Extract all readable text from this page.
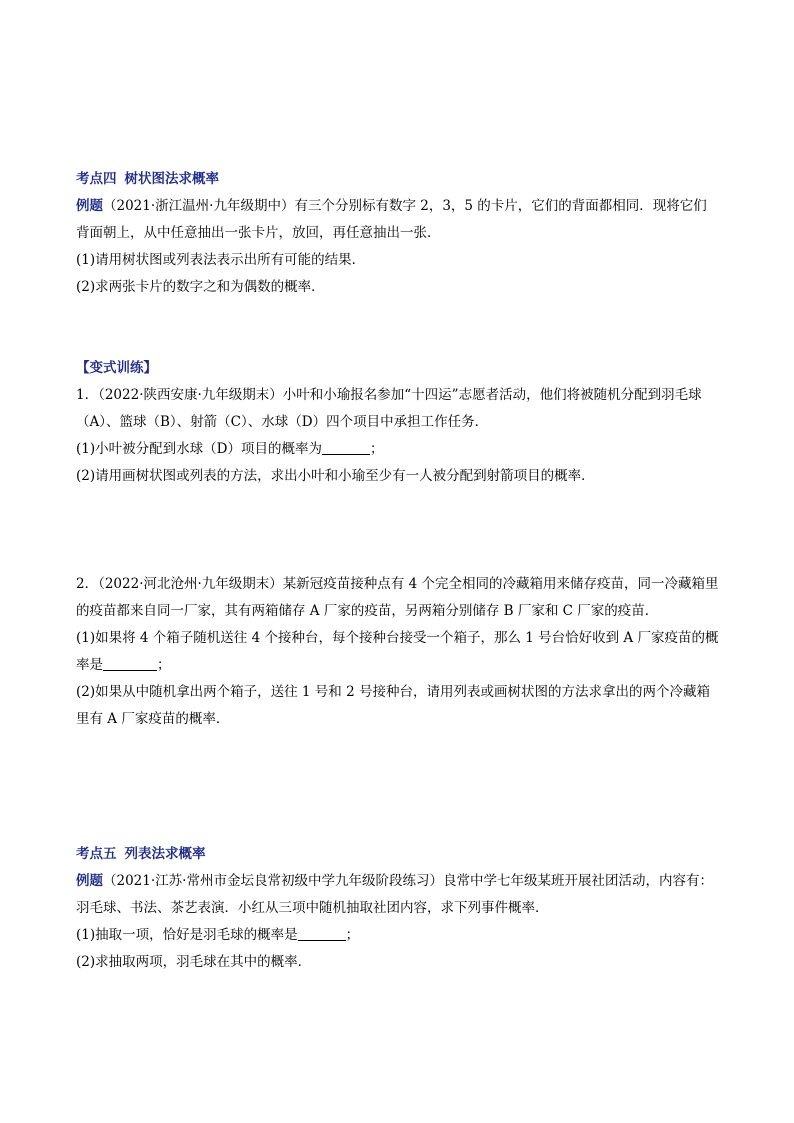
考点四 树状图法求概率
例题（2021·浙江温州·九年级期中）有三个分别标有数字 2，3，5 的卡片，它们的背面都相同．现将它们
背面朝上，从中任意抽出一张卡片，放回，再任意抽出一张．
(1)请用树状图或列表法表示出所有可能的结果．
(2)求两张卡片的数字之和为偶数的概率．
【变式训练】
1．（2022·陕西安康·九年级期末）小叶和小瑜报名参加“十四运”志愿者活动，他们将被随机分配到羽毛球
（A）、篮球（B）、射箭（C）、水球（D）四个项目中承担工作任务．
(1)小叶被分配到水球（D）项目的概率为	；
(2)请用画树状图或列表的方法，求出小叶和小瑜至少有一人被分配到射箭项目的概率．
2．（2022·河北沧州·九年级期末）某新冠疫苗接种点有 4 个完全相同的冷藏箱用来储存疫苗，同一冷藏箱里
的疫苗都来自同一厂家，其有两箱储存 A 厂家的疫苗，另两箱分别储存 B 厂家和 C 厂家的疫苗．
(1)如果将 4 个箱子随机送往 4 个接种台，每个接种台接受一个箱子，那么 1 号台恰好收到 A 厂家疫苗的概
率是	；
(2)如果从中随机拿出两个箱子，送往 1 号和 2 号接种台，请用列表或画树状图的方法求拿出的两个冷藏箱
里有 A 厂家疫苗的概率．
考点五 列表法求概率
例题（2021·江苏·常州市金坛良常初级中学九年级阶段练习）良常中学七年级某班开展社团活动，内容有：
羽毛球、书法、茶艺表演．小红从三项中随机抽取社团内容，求下列事件概率．
(1)抽取一项，恰好是羽毛球的概率是	；
(2)求抽取两项，羽毛球在其中的概率．
